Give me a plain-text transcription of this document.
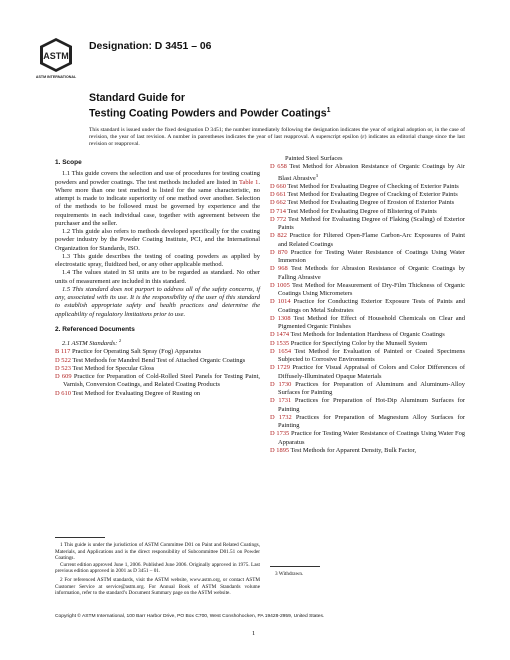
ASTM
ASTM INTERNATIONAL
Designation: D 3451 – 06
Standard Guide for
Testing Coating Powders and Powder Coatings$^1$
This standard is issued under the fixed designation D 3451; the number immediately following the designation indicates the year of original adoption or, in the case of revision, the year of last revision. A number in parentheses indicates the year of last reapproval. A superscript epsilon (ε) indicates an editorial change since the last revision or reapproval.
1. Scope

1.1 This guide covers the selection and use of procedures for testing coating powders and powder coatings. The test methods included are listed in Table 1. Where more than one test method is listed for the same characteristic, no attempt is made to indicate superiority of one method over another. Selection of the methods to be followed must be governed by experience and the requirements in each individual case, together with agreement between the purchaser and the seller.

1.2 This guide also refers to methods developed specifically for the coating powder industry by the Powder Coating Institute, PCI, and the International Organization for Standards, ISO.

1.3 This guide describes the testing of coating powders as applied by electrostatic spray, fluidized bed, or any other applicable method.

1.4 The values stated in SI units are to be regarded as standard. No other units of measurement are included in this standard.

1.5 This standard does not purport to address all of the safety concerns, if any, associated with its use. It is the responsibility of the user of this standard to establish appropriate safety and health practices and determine the applicability of regulatory limitations prior to use.

2. Referenced Documents

2.1 ASTM Standards: $^2$

B 117 Practice for Operating Salt Spray (Fog) Apparatus

D 522 Test Methods for Mandrel Bend Test of Attached Organic Coatings

D 523 Test Method for Specular Gloss

D 609 Practice for Preparation of Cold-Rolled Steel Panels for Testing Paint, Varnish, Conversion Coatings, and Related Coating Products

D 610 Test Method for Evaluating Degree of Rusting on

Painted Steel Surfaces

D 658 Test Method for Abrasion Resistance of Organic Coatings by Air Blast Abrasive$^3$

D 660 Test Method for Evaluating Degree of Checking of Exterior Paints

D 661 Test Method for Evaluating Degree of Cracking of Exterior Paints

D 662 Test Method for Evaluating Degree of Erosion of Exterior Paints

D 714 Test Method for Evaluating Degree of Blistering of Paints

D 772 Test Method for Evaluating Degree of Flaking (Scaling) of Exterior Paints

D 822 Practice for Filtered Open-Flame Carbon-Arc Exposures of Paint and Related Coatings

D 870 Practice for Testing Water Resistance of Coatings Using Water Immersion

D 968 Test Methods for Abrasion Resistance of Organic Coatings by Falling Abrasive

D 1005 Test Method for Measurement of Dry-Film Thickness of Organic Coatings Using Micrometers

D 1014 Practice for Conducting Exterior Exposure Tests of Paints and Coatings on Metal Substrates

D 1308 Test Method for Effect of Household Chemicals on Clear and Pigmented Organic Finishes

D 1474 Test Methods for Indentation Hardness of Organic Coatings

D 1535 Practice for Specifying Color by the Munsell System

D 1654 Test Method for Evaluation of Painted or Coated Specimens Subjected to Corrosive Environments

D 1729 Practice for Visual Appraisal of Colors and Color Differences of Diffusely-Illuminated Opaque Materials

D 1730 Practices for Preparation of Aluminum and Aluminum-Alloy Surfaces for Painting

D 1731 Practices for Preparation of Hot-Dip Aluminum Surfaces for Painting

D 1732 Practices for Preparation of Magnesium Alloy Surfaces for Painting

D 1735 Practice for Testing Water Resistance of Coatings Using Water Fog Apparatus

D 1895 Test Methods for Apparent Density, Bulk Factor,

1 This guide is under the jurisdiction of ASTM Committee D01 on Paint and Related Coatings, Materials, and Applications and is the direct responsibility of Subcommittee D01.51 on Powder Coatings.

Current edition approved June 1, 2006. Published June 2006. Originally approved in 1975. Last previous edition approved in 2001 as D 3451 – 01.

2 For referenced ASTM standards, visit the ASTM website, www.astm.org, or contact ASTM Customer Service at service@astm.org. For Annual Book of ASTM Standards volume information, refer to the standard’s Document Summary page on the ASTM website.

3 Withdrawn.

Copyright © ASTM International, 100 Barr Harbor Drive, PO Box C700, West Conshohocken, PA 19428-2959, United States.
1
